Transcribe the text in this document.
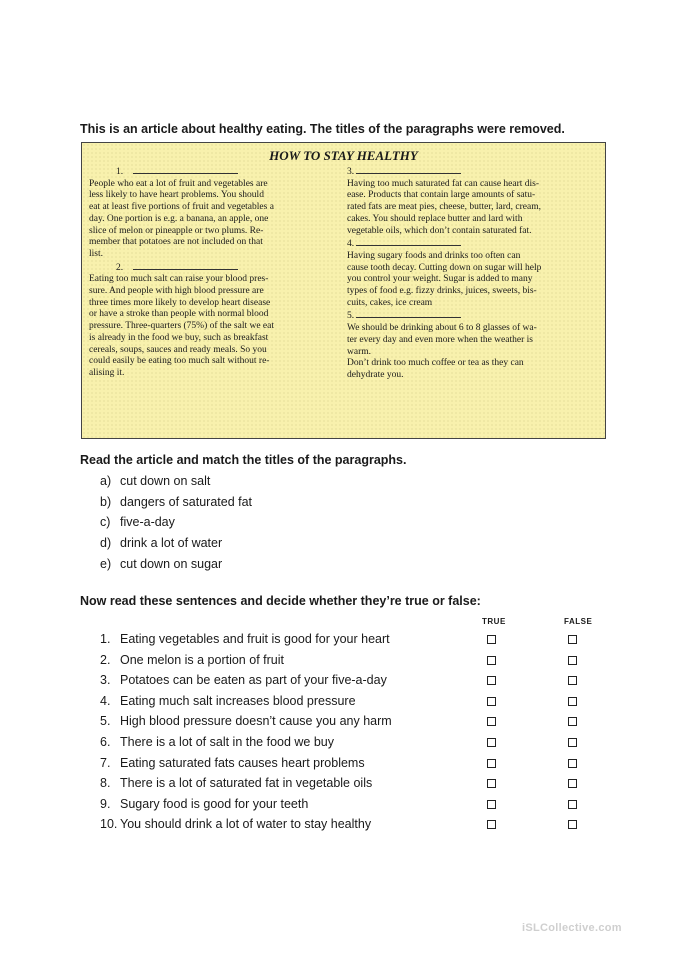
This is an article about healthy eating. The titles of the paragraphs were removed.
HOW TO STAY HEALTHY
1.
People who eat a lot of fruit and vegetables are
less likely to have heart problems. You should
eat at least five portions of fruit and vegetables a
day. One portion is e.g. a banana, an apple, one
slice of melon or pineapple or two plums. Re-
member that potatoes are not included on that
list.
2.
Eating too much salt can raise your blood pres-
sure. And people with high blood pressure are
three times more likely to develop heart disease
or have a stroke than people with normal blood
pressure. Three-quarters (75%) of the salt we eat
is already in the food we buy, such as breakfast
cereals, soups, sauces and ready meals. So you
could easily be eating too much salt without re-
alising it.
3.
Having too much saturated fat can cause heart dis-
ease. Products that contain large amounts of satu-
rated fats are meat pies, cheese, butter, lard, cream,
cakes. You should replace butter and lard with
vegetable oils, which don’t contain saturated fat.
4.
Having sugary foods and drinks too often can
cause tooth decay. Cutting down on sugar will help
you control your weight. Sugar is added to many
types of food e.g. fizzy drinks, juices, sweets, bis-
cuits, cakes, ice cream
5.
We should be drinking about 6 to 8 glasses of wa-
ter every day and even more when the weather is
warm.
Don’t drink too much coffee or tea as they can
dehydrate you.
Read the article and match the titles of the paragraphs.
a) cut down on salt
b) dangers of saturated fat
c) five-a-day
d) drink a lot of water
e) cut down on sugar
Now read these sentences and decide whether they’re true or false:
TRUE	FALSE
1. Eating vegetables and fruit is good for your heart
2. One melon is a portion of fruit
3. Potatoes can be eaten as part of your five-a-day
4. Eating much salt increases blood pressure
5. High blood pressure doesn’t cause you any harm
6. There is a lot of salt in the food we buy
7. Eating saturated fats causes heart problems
8. There is a lot of saturated fat in vegetable oils
9. Sugary food is good for your teeth
10. You should drink a lot of water to stay healthy
iSLCollective.com
